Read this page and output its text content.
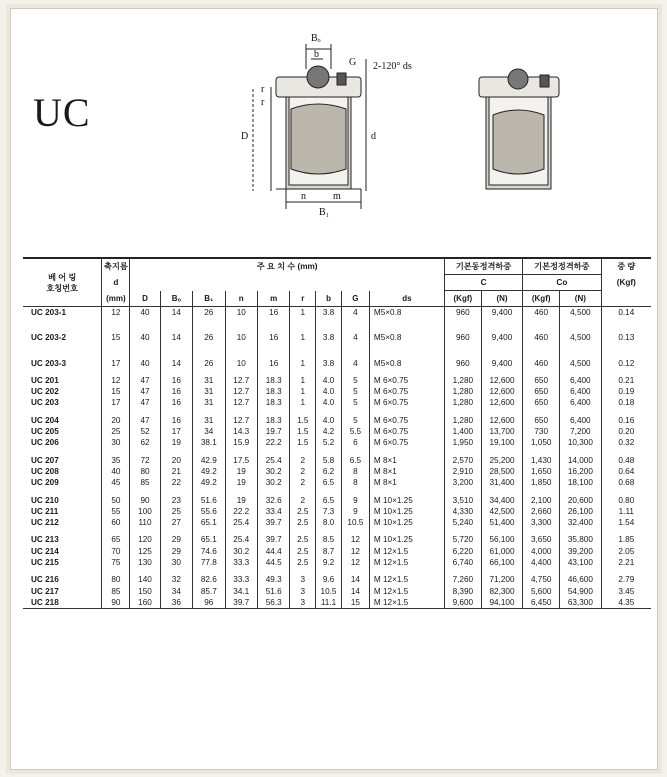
UC
Bₒ
b
G 2-120° ds
r
r
D	d
n	m
B₁
베 어 링
호칭번호	축지름	주 요 치 수 (mm)									기본동정격하중		기본정정격하중		중 량
	d										C		Co		(Kgf)
	(mm)	D	Bₒ	B₁	n	m	r	b	G	ds	(Kgf)	(N)	(Kgf)	(N)	
UC 203-1	12	40	14	26	10	16	1	3.8	4	M5×0.8	960	9,400	460	4,500	0.14

UC 203-2	15	40	14	26	10	16	1	3.8	4	M5×0.8	960	9,400	460	4,500	0.13

UC 203-3	17	40	14	26	10	16	1	3.8	4	M5×0.8	960	9,400	460	4,500	0.12

UC 201	12	47	16	31	12.7	18.3	1	4.0	5	M 6×0.75	1,280	12,600	650	6,400	0.21
UC 202	15	47	16	31	12.7	18.3	1	4.0	5	M 6×0.75	1,280	12,600	650	6,400	0.19
UC 203	17	47	16	31	12.7	18.3	1	4.0	5	M 6×0.75	1,280	12,600	650	6,400	0.18

UC 204	20	47	16	31	12.7	18.3	1.5	4.0	5	M 6×0.75	1,280	12,600	650	6,400	0.16
UC 205	25	52	17	34	14.3	19.7	1.5	4.2	5.5	M 6×0.75	1,400	13,700	730	7,200	0.20
UC 206	30	62	19	38.1	15.9	22.2	1.5	5.2	6	M 6×0.75	1,950	19,100	1,050	10,300	0.32

UC 207	35	72	20	42.9	17.5	25.4	2	5.8	6.5	M 8×1	2,570	25,200	1,430	14,000	0.48
UC 208	40	80	21	49.2	19	30.2	2	6.2	8	M 8×1	2,910	28,500	1,650	16,200	0.64
UC 209	45	85	22	49.2	19	30.2	2	6.5	8	M 8×1	3,200	31,400	1,850	18,100	0.68

UC 210	50	90	23	51.6	19	32.6	2	6.5	9	M 10×1.25	3,510	34,400	2,100	20,600	0.80
UC 211	55	100	25	55.6	22.2	33.4	2.5	7.3	9	M 10×1.25	4,330	42,500	2,660	26,100	1.11
UC 212	60	110	27	65.1	25.4	39.7	2.5	8.0	10.5	M 10×1.25	5,240	51,400	3,300	32,400	1.54

UC 213	65	120	29	65.1	25.4	39.7	2.5	8.5	12	M 10×1.25	5,720	56,100	3,650	35,800	1.85
UC 214	70	125	29	74.6	30.2	44.4	2.5	8.7	12	M 12×1.5	6,220	61,000	4,000	39,200	2.05
UC 215	75	130	30	77.8	33.3	44.5	2.5	9.2	12	M 12×1.5	6,740	66,100	4,400	43,100	2.21

UC 216	80	140	32	82.6	33.3	49.3	3	9.6	14	M 12×1.5	7,260	71,200	4,750	46,600	2.79
UC 217	85	150	34	85.7	34.1	51.6	3	10.5	14	M 12×1.5	8,390	82,300	5,600	54,900	3.45
UC 218	90	160	36	96	39.7	56.3	3	11.1	15	M 12×1.5	9,600	94,100	6,450	63,300	4.35
